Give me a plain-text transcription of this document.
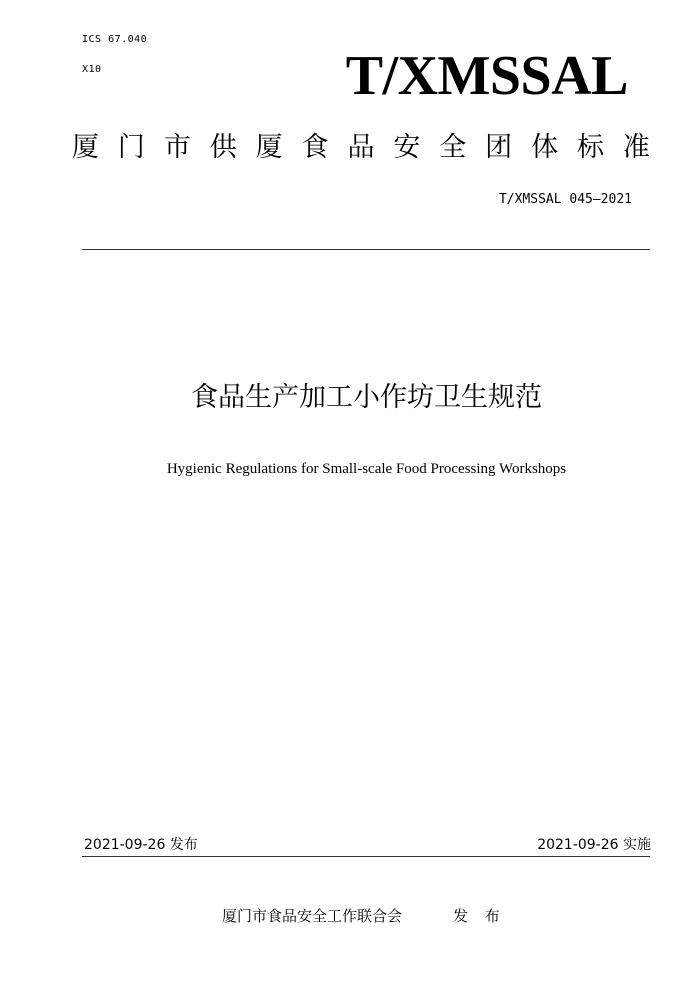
ICS 67.040
X10	T/XMSSAL
厦 门 市 供 厦 食 品 安 全 团 体 标 准
T/XMSSAL 045—2021
食品生产加工小作坊卫生规范
Hygienic Regulations for Small-scale Food Processing Workshops
2021-09-26 发布	2021-09-26 实施
厦门市食品安全工作联合会	发 布
